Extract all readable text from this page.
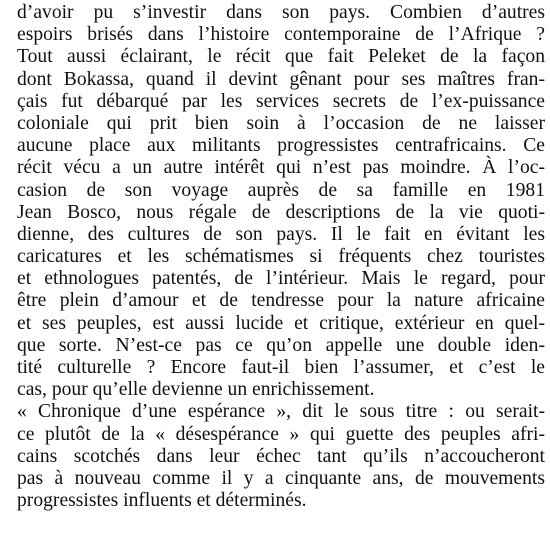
d’avoir pu s’investir dans son pays. Combien d’autres
espoirs brisés dans l’histoire contemporaine de l’Afrique ?
Tout aussi éclairant, le récit que fait Peleket de la façon
dont Bokassa, quand il devint gênant pour ses maîtres fran-
çais fut débarqué par les services secrets de l’ex-puissance
coloniale qui prit bien soin à l’occasion de ne laisser
aucune place aux militants progressistes centrafricains. Ce
récit vécu a un autre intérêt qui n’est pas moindre. À l’oc-
casion de son voyage auprès de sa famille en 1981
Jean Bosco, nous régale de descriptions de la vie quoti-
dienne, des cultures de son pays. Il le fait en évitant les
caricatures et les schématismes si fréquents chez touristes
et ethnologues patentés, de l’intérieur. Mais le regard, pour
être plein d’amour et de tendresse pour la nature africaine
et ses peuples, est aussi lucide et critique, extérieur en quel-
que sorte. N’est-ce pas ce qu’on appelle une double iden-
tité culturelle ? Encore faut-il bien l’assumer, et c’est le
cas, pour qu’elle devienne un enrichissement.
« Chronique d’une espérance », dit le sous titre : ou serait-
ce plutôt de la « désespérance » qui guette des peuples afri-
cains scotchés dans leur échec tant qu’ils n’accoucheront
pas à nouveau comme il y a cinquante ans, de mouvements
progressistes influents et déterminés.
